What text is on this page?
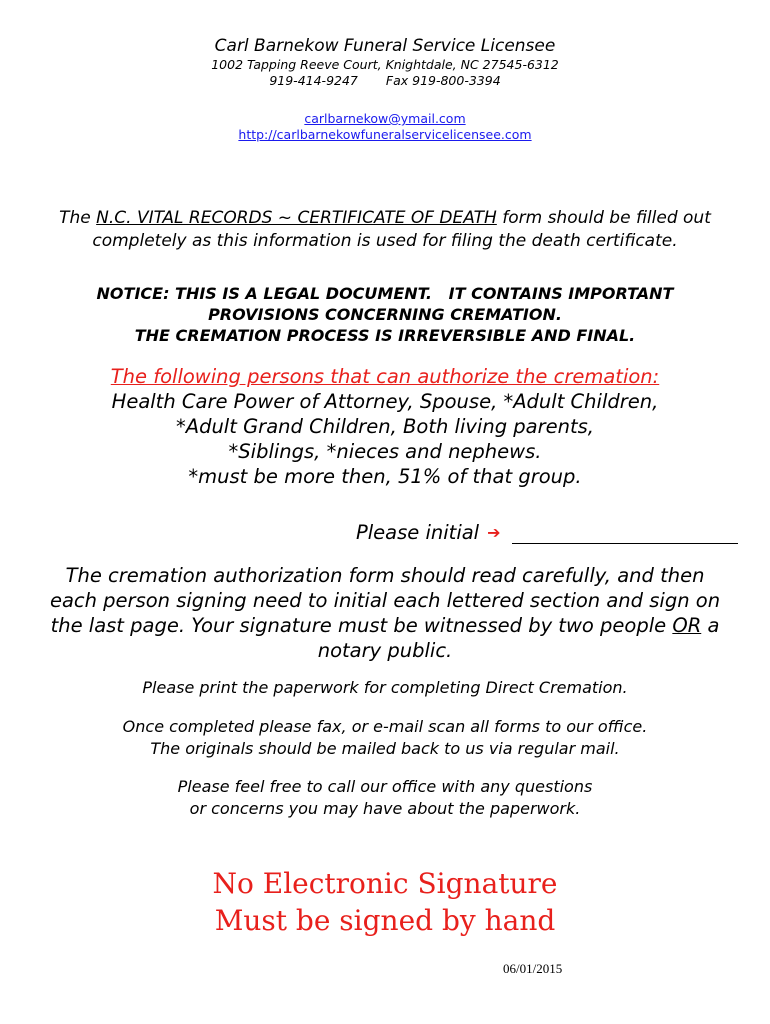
Carl Barnekow Funeral Service Licensee
1002 Tapping Reeve Court, Knightdale, NC 27545-6312
919-414-9247 Fax 919-800-3394
carlbarnekow@ymail.com
http://carlbarnekowfuneralservicelicensee.com
The N.C. VITAL RECORDS ~ CERTIFICATE OF DEATH form should be filled out
completely as this information is used for filing the death certificate.
NOTICE: THIS IS A LEGAL DOCUMENT.   IT CONTAINS IMPORTANT
PROVISIONS CONCERNING CREMATION.
THE CREMATION PROCESS IS IRREVERSIBLE AND FINAL.
The following persons that can authorize the cremation:
Health Care Power of Attorney, Spouse, *Adult Children,
*Adult Grand Children, Both living parents,
*Siblings, *nieces and nephews.
*must be more then, 51% of that group.
Please initial ➔
The cremation authorization form should read carefully, and then
each person signing need to initial each lettered section and sign on
the last page. Your signature must be witnessed by two people OR a
notary public.
Please print the paperwork for completing Direct Cremation.
Once completed please fax, or e-mail scan all forms to our office.
The originals should be mailed back to us via regular mail.
Please feel free to call our office with any questions
or concerns you may have about the paperwork.
No Electronic Signature
Must be signed by hand
06/01/2015
